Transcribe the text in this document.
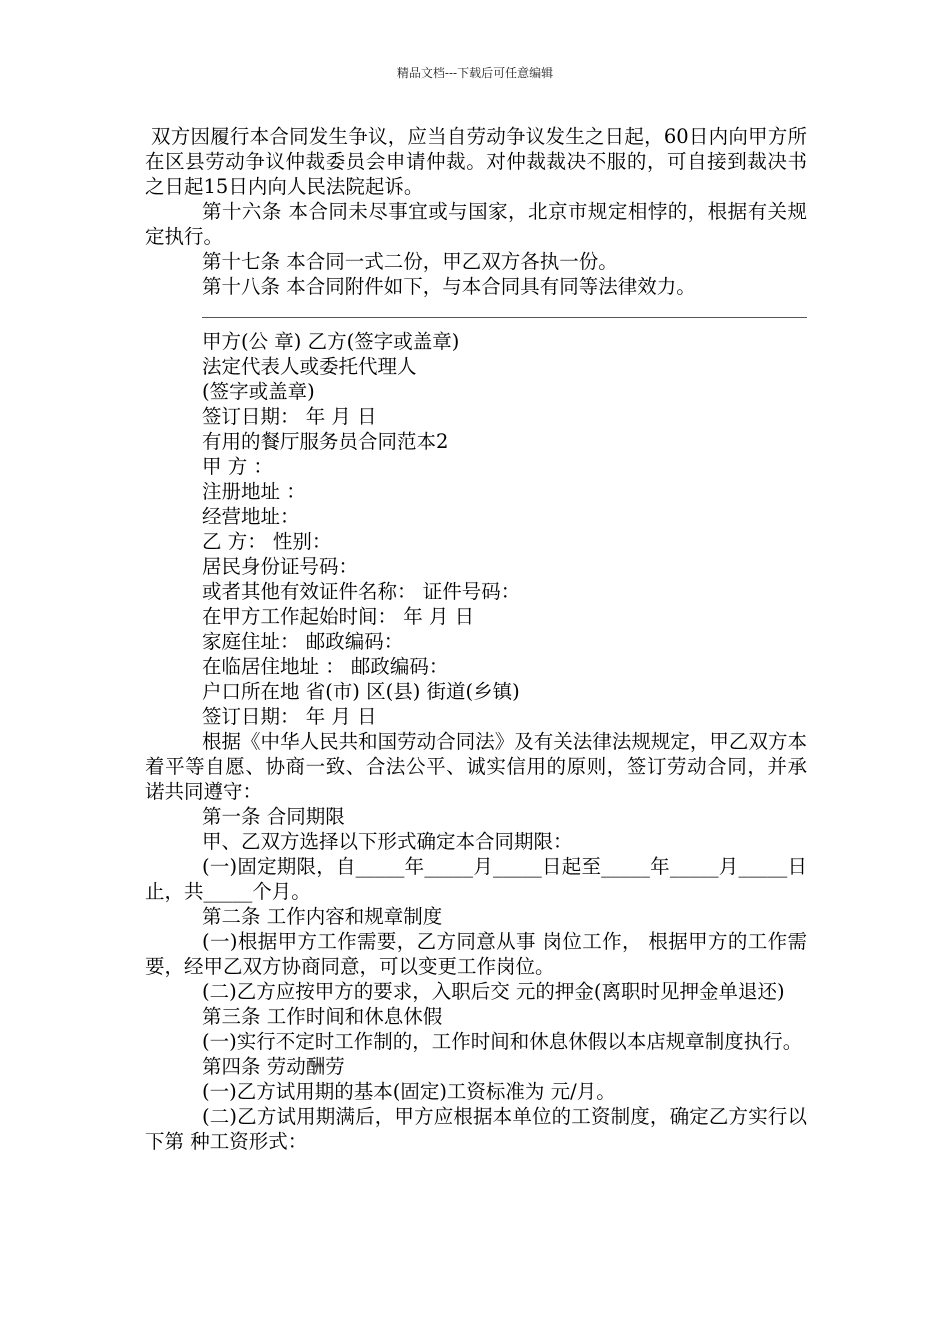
精品文档---下载后可任意编辑

双方因履行本合同发生争议，应当自劳动争议发生之日起，60日内向甲方所在区县劳动争议仲裁委员会申请仲裁。对仲裁裁决不服的，可自接到裁决书之日起15日内向人民法院起诉。

第十六条 本合同未尽事宜或与国家，北京市规定相悖的，根据有关规定执行。

第十七条 本合同一式二份，甲乙双方各执一份。

第十八条 本合同附件如下，与本合同具有同等法律效力。

甲方(公 章) 乙方(签字或盖章)

法定代表人或委托代理人

(签字或盖章)

签订日期： 年 月 日

有用的餐厅服务员合同范本2

甲 方 ：

注册地址 ：

经营地址：

乙 方： 性别：

居民身份证号码：

或者其他有效证件名称： 证件号码：

在甲方工作起始时间： 年 月 日

家庭住址： 邮政编码：

在临居住地址 ： 邮政编码：

户口所在地 省(市) 区(县) 街道(乡镇)

签订日期： 年 月 日

根据《中华人民共和国劳动合同法》及有关法律法规规定，甲乙双方本着平等自愿、协商一致、合法公平、诚实信用的原则，签订劳动合同，并承诺共同遵守：

第一条 合同期限

甲、乙双方选择以下形式确定本合同期限：

(一)固定期限，自_____年_____月_____日起至_____年_____月_____日止，共_____个月。

第二条 工作内容和规章制度

(一)根据甲方工作需要，乙方同意从事 岗位工作， 根据甲方的工作需要，经甲乙双方协商同意，可以变更工作岗位。

(二)乙方应按甲方的要求，入职后交 元的押金(离职时见押金单退还)

第三条 工作时间和休息休假

(一)实行不定时工作制的，工作时间和休息休假以本店规章制度执行。

第四条 劳动酬劳

(一)乙方试用期的基本(固定)工资标准为 元/月。

(二)乙方试用期满后，甲方应根据本单位的工资制度，确定乙方实行以下第 种工资形式：
